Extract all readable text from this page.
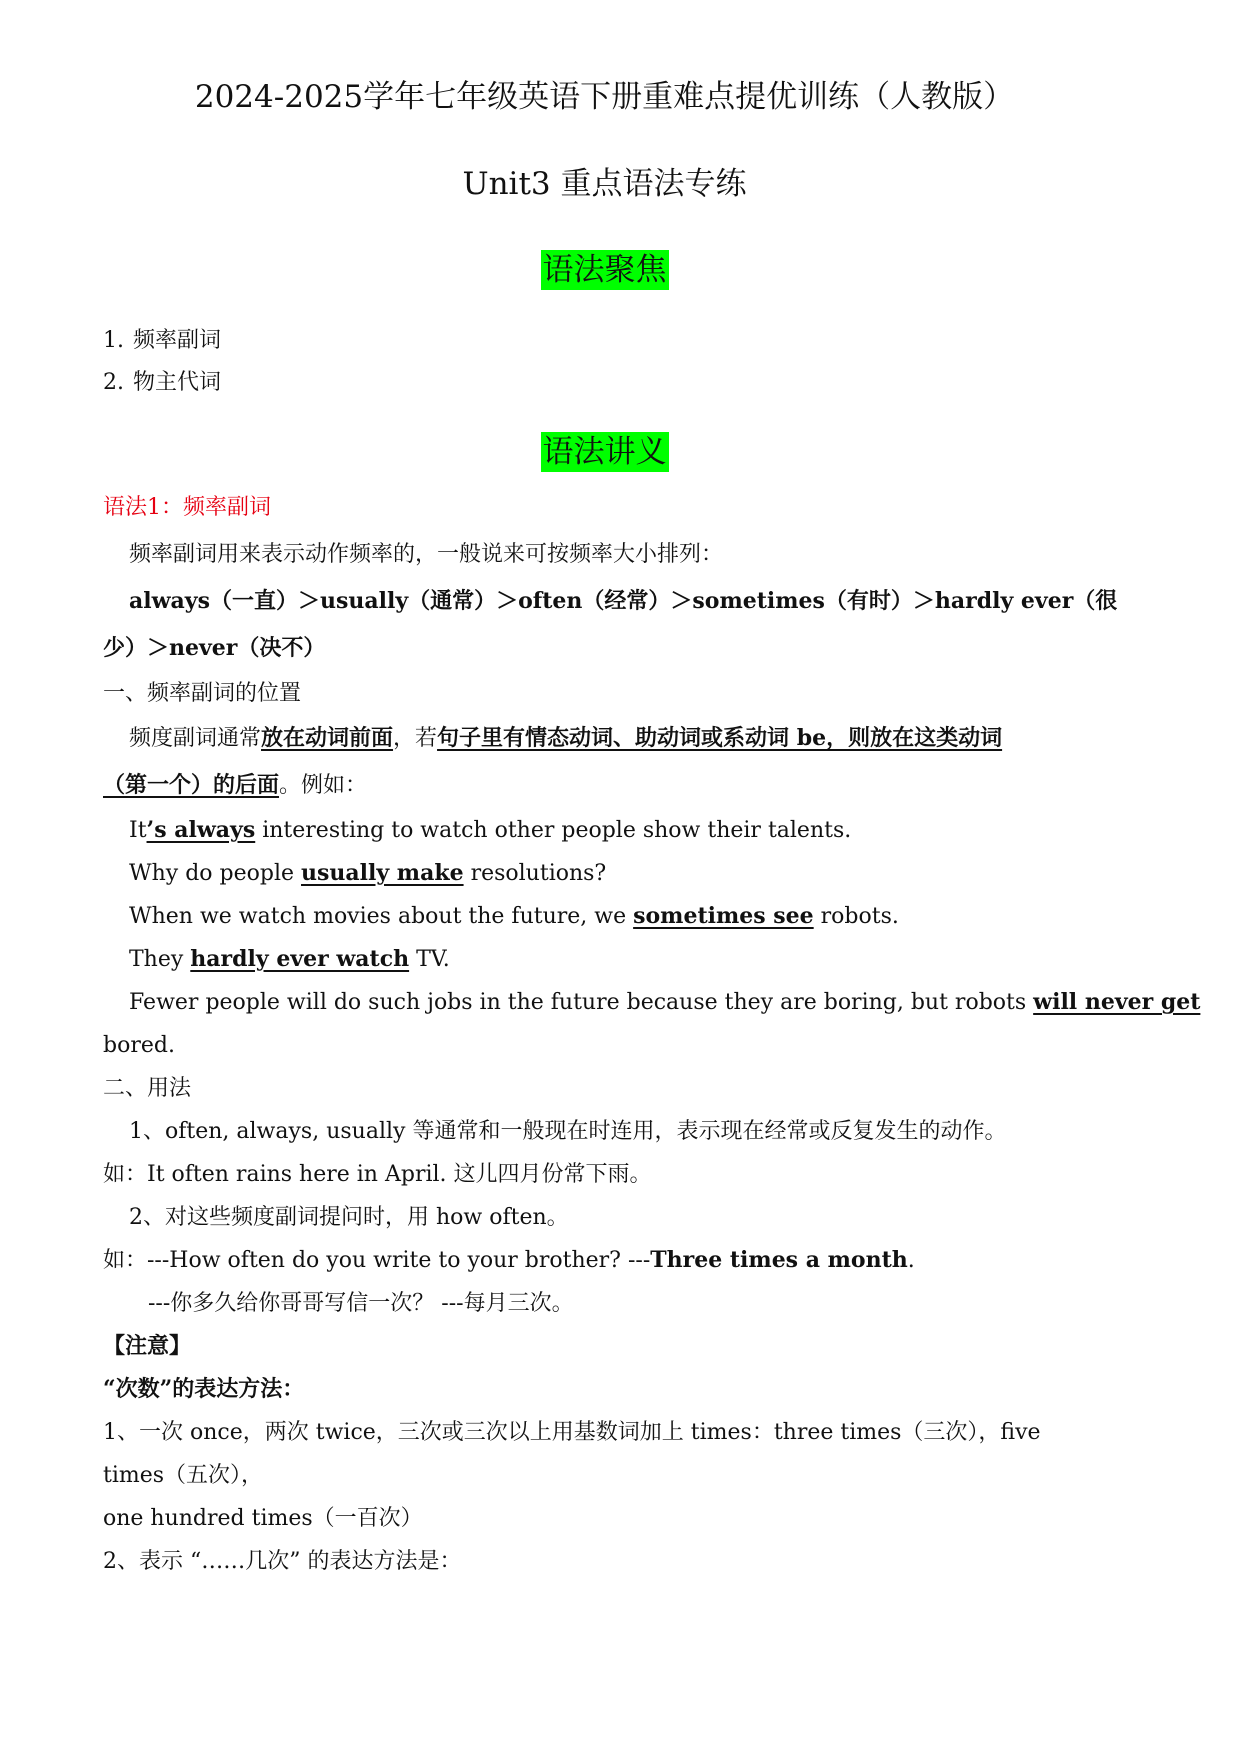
2024-2025学年七年级英语下册重难点提优训练（人教版）
Unit3 重点语法专练
语法聚焦
1. 频率副词
2. 物主代词
语法讲义
语法1：频率副词
频率副词用来表示动作频率的，一般说来可按频率大小排列：
always（一直）＞usually（通常）＞often（经常）＞sometimes（有时）＞hardly ever（很
少）＞never（决不）
一、频率副词的位置
频度副词通常放在动词前面，若句子里有情态动词、助动词或系动词 be，则放在这类动词
（第一个）的后面。例如：
It’s always interesting to watch other people show their talents.
Why do people usually make resolutions?
When we watch movies about the future, we sometimes see robots.
They hardly ever watch TV.
Fewer people will do such jobs in the future because they are boring, but robots will never get
bored.
二、用法
1、often, always, usually 等通常和一般现在时连用，表示现在经常或反复发生的动作。
如：It often rains here in April. 这儿四月份常下雨。
2、对这些频度副词提问时，用 how often。
如：---How often do you write to your brother? ---Three times a month.
---你多久给你哥哥写信一次？ ---每月三次。
【注意】
“次数”的表达方法：
1、一次 once，两次 twice，三次或三次以上用基数词加上 times：three times（三次），five
times（五次），
one hundred times（一百次）
2、表示 “……几次” 的表达方法是：
